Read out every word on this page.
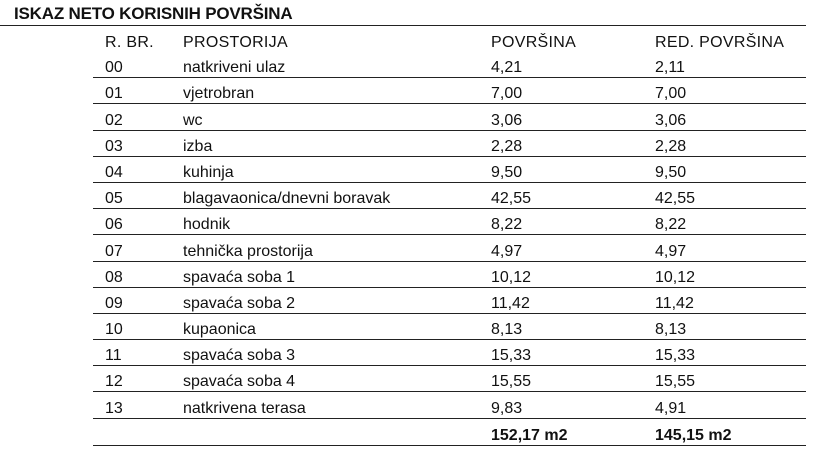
ISKAZ NETO KORISNIH POVRŠINA
R. BR.	PROSTORIJA	POVRŠINA	RED. POVRŠINA
00	natkriveni ulaz	4,21	2,11
01	vjetrobran	7,00	7,00
02	wc	3,06	3,06
03	izba	2,28	2,28
04	kuhinja	9,50	9,50
05	blagavaonica/dnevni boravak	42,55	42,55
06	hodnik	8,22	8,22
07	tehnička prostorija	4,97	4,97
08	spavaća soba 1	10,12	10,12
09	spavaća soba 2	11,42	11,42
10	kupaonica	8,13	8,13
11	spavaća soba 3	15,33	15,33
12	spavaća soba 4	15,55	15,55
13	natkrivena terasa	9,83	4,91
		152,17 m2	145,15 m2
